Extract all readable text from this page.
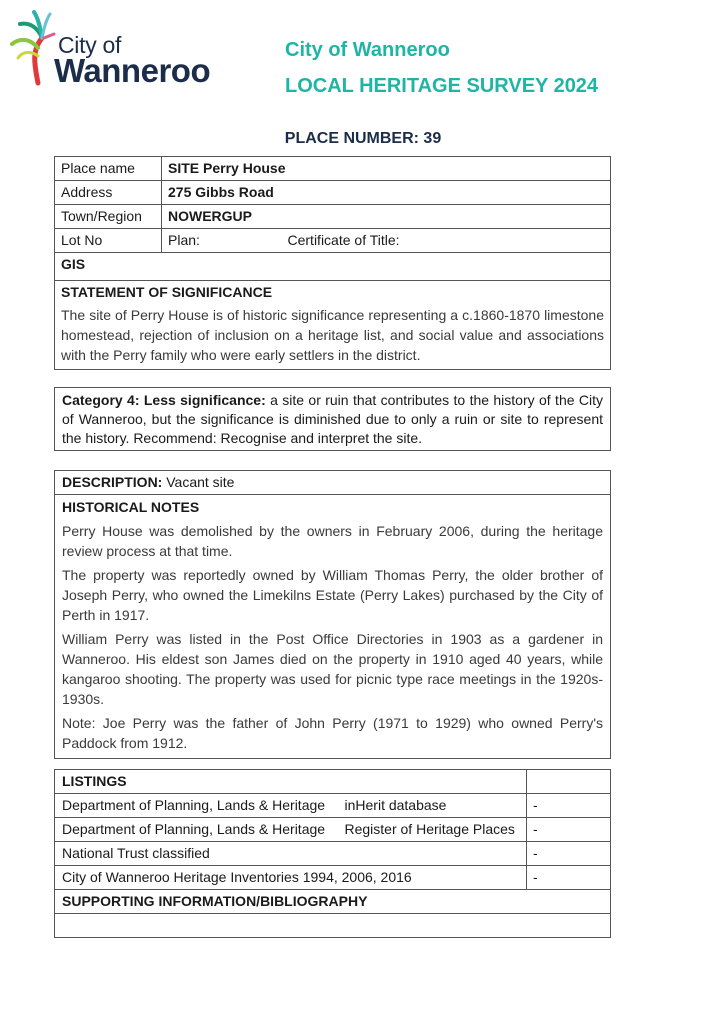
City of
Wanneroo
City of Wanneroo
LOCAL HERITAGE SURVEY 2024
PLACE NUMBER: 39
Place name	SITE Perry House	
Address	275 Gibbs Road	
Town/Region	NOWERGUP	
Lot No	Plan:	Certificate of Title:
GIS		

STATEMENT OF SIGNIFICANCE
The site of Perry House is of historic significance representing a c.1860-1870 limestone homestead, rejection of inclusion on a heritage list, and social value and associations with the Perry family who were early settlers in the district.		
Category 4: Less significance: a site or ruin that contributes to the history of the City of Wanneroo, but the significance is diminished due to only a ruin or site to represent the history. Recommend: Recognise and interpret the site.
DESCRIPTION: Vacant site

HISTORICAL NOTES
Perry House was demolished by the owners in February 2006, during the heritage review process at that time.
The property was reportedly owned by William Thomas Perry, the older brother of Joseph Perry, who owned the Limekilns Estate (Perry Lakes) purchased by the City of Perth in 1917.
William Perry was listed in the Post Office Directories in 1903 as a gardener in Wanneroo. His eldest son James died on the property in 1910 aged 40 years, while kangaroo shooting. The property was used for picnic type race meetings in the 1920s-1930s.
Note: Joe Perry was the father of John Perry (1971 to 1929) who owned Perry's Paddock from 1912.
LISTINGS		
Department of Planning, Lands & Heritage	inHerit database	-
Department of Planning, Lands & Heritage	Register of Heritage Places	-
National Trust classified		-
City of Wanneroo Heritage Inventories 1994, 2006, 2016		-
SUPPORTING INFORMATION/BIBLIOGRAPHY		
